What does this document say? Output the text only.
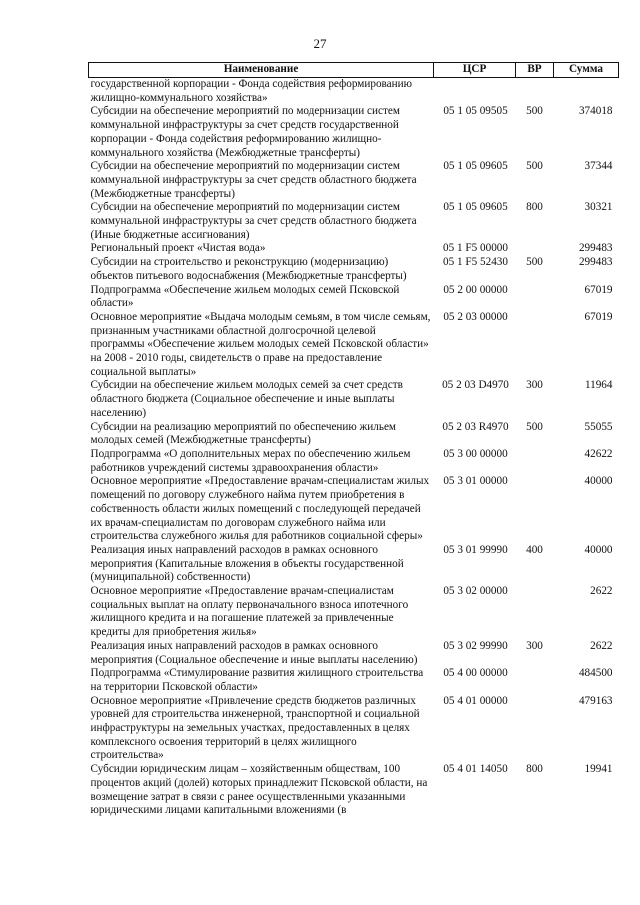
27
Наименование	ЦСР	ВР	Сумма
государственной корпорации - Фонда содействия реформированию жилищно-коммунального хозяйства»			
Субсидии на обеспечение мероприятий по модернизации систем коммунальной инфраструктуры за счет средств государственной корпорации - Фонда содействия реформированию жилищно-коммунального хозяйства (Межбюджетные трансферты)	05 1 05 09505	500	374018
Субсидии на обеспечение мероприятий по модернизации систем коммунальной инфраструктуры за счет средств областного бюджета (Межбюджетные трансферты)	05 1 05 09605	500	37344
Субсидии на обеспечение мероприятий по модернизации систем коммунальной инфраструктуры за счет средств областного бюджета (Иные бюджетные ассигнования)	05 1 05 09605	800	30321
Региональный проект «Чистая вода»	05 1 F5 00000		299483
Субсидии на строительство и реконструкцию (модернизацию) объектов питьевого водоснабжения (Межбюджетные трансферты)	05 1 F5 52430	500	299483
Подпрограмма «Обеспечение жильем молодых семей Псковской области»	05 2 00 00000		67019
Основное мероприятие «Выдача молодым семьям, в том числе семьям, признанным участниками областной долгосрочной целевой программы «Обеспечение жильем молодых семей Псковской области» на 2008 - 2010 годы, свидетельств о праве на предоставление социальной выплаты»	05 2 03 00000		67019
Субсидии на обеспечение жильем молодых семей за счет средств областного бюджета (Социальное обеспечение и иные выплаты населению)	05 2 03 D4970	300	11964
Субсидии на реализацию мероприятий по обеспечению жильем молодых семей (Межбюджетные трансферты)	05 2 03 R4970	500	55055
Подпрограмма «О дополнительных мерах по обеспечению жильем работников учреждений системы здравоохранения области»	05 3 00 00000		42622
Основное мероприятие «Предоставление врачам-специалистам жилых помещений по договору служебного найма путем приобретения в собственность области жилых помещений с последующей передачей их врачам-специалистам по договорам служебного найма или строительства служебного жилья для работников социальной сферы»	05 3 01 00000		40000
Реализация иных направлений расходов в рамках основного мероприятия (Капитальные вложения в объекты государственной (муниципальной) собственности)	05 3 01 99990	400	40000
Основное мероприятие «Предоставление врачам-специалистам социальных выплат на оплату первоначального взноса ипотечного жилищного кредита и на погашение платежей за привлеченные кредиты для приобретения жилья»	05 3 02 00000		2622
Реализация иных направлений расходов в рамках основного мероприятия (Социальное обеспечение и иные выплаты населению)	05 3 02 99990	300	2622
Подпрограмма «Стимулирование развития жилищного строительства на территории Псковской области»	05 4 00 00000		484500
Основное мероприятие «Привлечение средств бюджетов различных уровней для строительства инженерной, транспортной и социальной инфраструктуры на земельных участках, предоставленных в целях комплексного освоения территорий в целях жилищного строительства»	05 4 01 00000		479163
Субсидии юридическим лицам – хозяйственным обществам, 100 процентов акций (долей) которых принадлежит Псковской области, на возмещение затрат в связи с ранее осуществленными указанными юридическими лицами капитальными вложениями (в	05 4 01 14050	800	19941
